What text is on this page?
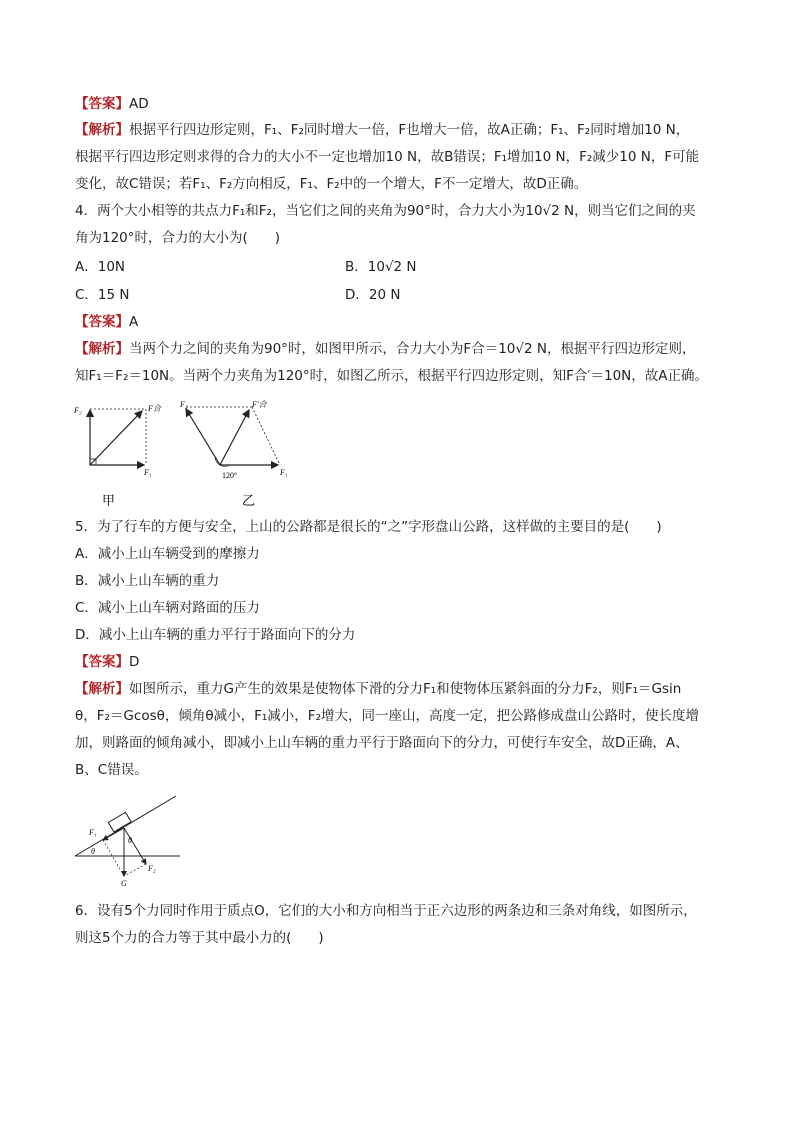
【答案】AD
【解析】根据平行四边形定则，F₁、F₂同时增大一倍，F也增大一倍，故A正确；F₁、F₂同时增加10 N，
根据平行四边形定则求得的合力的大小不一定也增加10 N，故B错误；F₁增加10 N，F₂减少10 N，F可能
变化，故C错误；若F₁、F₂方向相反，F₁、F₂中的一个增大，F不一定增大，故D正确。
4．两个大小相等的共点力F₁和F₂，当它们之间的夹角为90°时，合力大小为10√2 N，则当它们之间的夹
角为120°时，合力的大小为(　　)
A．10N	B．10√2 N
C．15 N	D．20 N
【答案】A
【解析】当两个力之间的夹角为90°时，如图甲所示，合力大小为F合＝10√2 N，根据平行四边形定则，
知F₁＝F₂＝10N。当两个力夹角为120°时，如图乙所示，根据平行四边形定则，知F合′＝10N，故A正确。
F₂	F合
F₁
甲
F₂	F′合
F₁
120°
乙
5．为了行车的方便与安全，上山的公路都是很长的“之”字形盘山公路，这样做的主要目的是(　　)
A．减小上山车辆受到的摩擦力
B．减小上山车辆的重力
C．减小上山车辆对路面的压力
D．减小上山车辆的重力平行于路面向下的分力
【答案】D
【解析】如图所示，重力G产生的效果是使物体下滑的分力F₁和使物体压紧斜面的分力F₂，则F₁＝Gsin
θ，F₂＝Gcosθ，倾角θ减小，F₁减小，F₂增大，同一座山，高度一定，把公路修成盘山公路时，使长度增
加，则路面的倾角减小，即减小上山车辆的重力平行于路面向下的分力，可使行车安全，故D正确，A、
B、C错误。
F₁
F₂
G
θ
θ
6．设有5个力同时作用于质点O，它们的大小和方向相当于正六边形的两条边和三条对角线，如图所示，
则这5个力的合力等于其中最小力的(　　)
